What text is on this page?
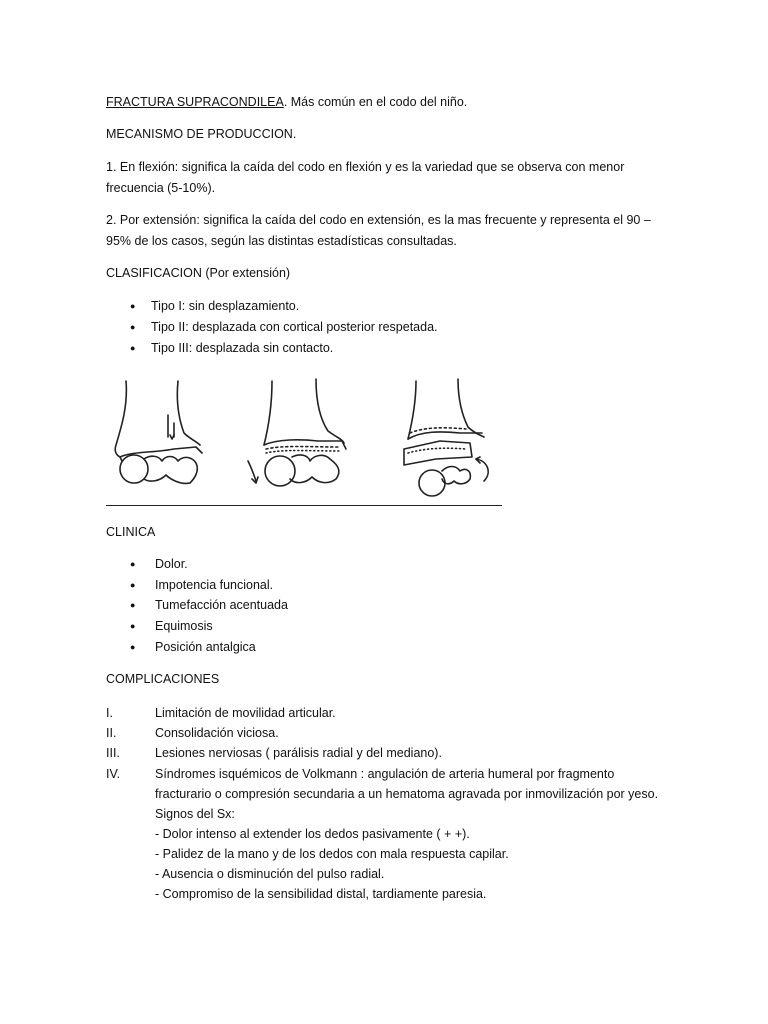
FRACTURA SUPRACONDILEA. Más común en el codo del niño.
MECANISMO DE PRODUCCION.
1. En flexión: significa la caída del codo en flexión y es la variedad que se observa con menor
frecuencia (5-10%).
2. Por extensión: significa la caída del codo en extensión, es la mas frecuente y representa el 90 –
95% de los casos, según las distintas estadísticas consultadas.
CLASIFICACION (Por extensión)
● Tipo I: sin desplazamiento.
● Tipo II: desplazada con cortical posterior respetada.
● Tipo III: desplazada sin contacto.
CLINICA
● Dolor.
● Impotencia funcional.
● Tumefacción acentuada
● Equimosis
● Posición antalgica
COMPLICACIONES
I.	Limitación de movilidad articular.
II.	Consolidación viciosa.
III.	Lesiones nerviosas ( parálisis radial y del mediano).
IV.	Síndromes isquémicos de Volkmann : angulación de arteria humeral por fragmento
fracturario o compresión secundaria a un hematoma agravada por inmovilización por yeso.
Signos del Sx:
- Dolor intenso al extender los dedos pasivamente ( + +).
- Palidez de la mano y de los dedos con mala respuesta capilar.
- Ausencia o disminución del pulso radial.
- Compromiso de la sensibilidad distal, tardiamente paresia.
